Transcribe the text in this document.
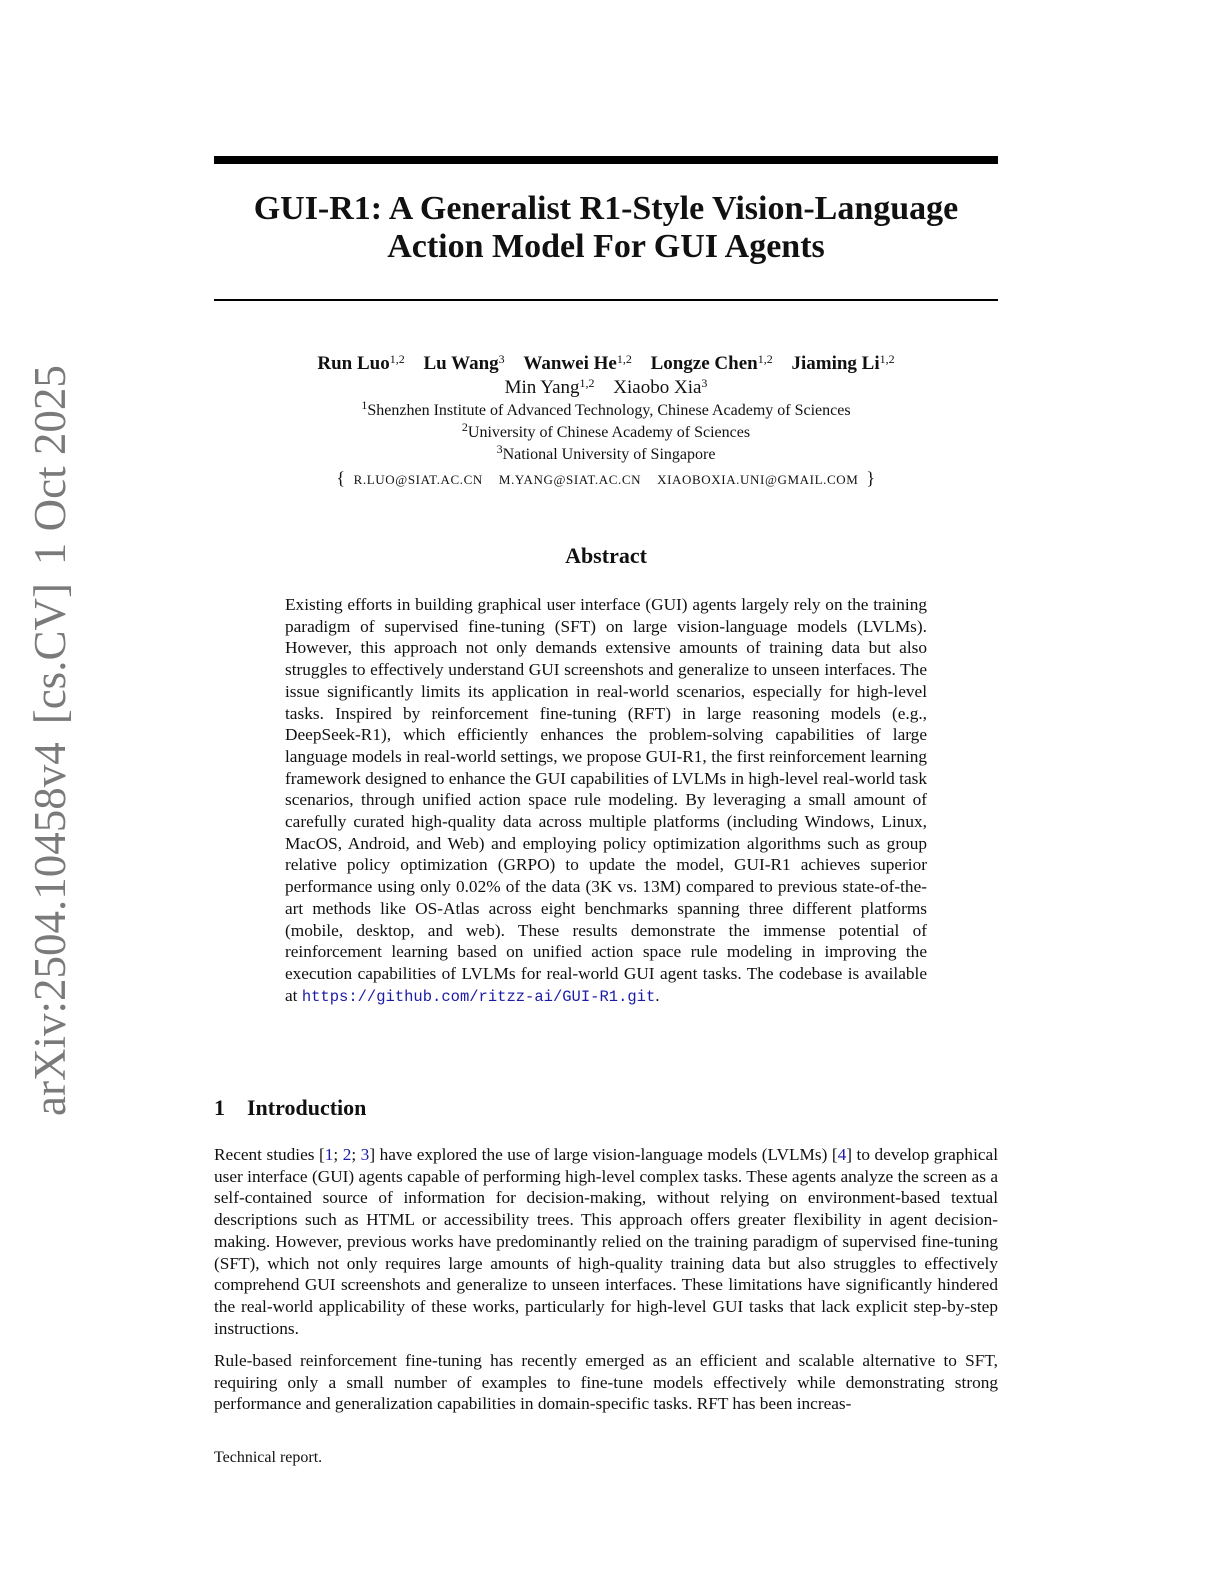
arXiv:2504.10458v4[cs.CV]1 Oct 2025
GUI-R1: A Generalist R1-Style Vision-Language
Action Model For GUI Agents
Run Luo$^{1,2}$ Lu Wang$^3$ Wanwei He$^{1,2}$ Longze Chen$^{1,2}$ Jiaming Li$^{1,2}$
Min Yang$^{1,2}$ Xiaobo Xia$^3$
$^1$Shenzhen Institute of Advanced Technology, Chinese Academy of Sciences
$^2$University of Chinese Academy of Sciences
$^3$National University of Singapore
{ R.LUO@SIAT.AC.CN M.YANG@SIAT.AC.CN XIAOBOXIA.UNI@GMAIL.COM }
Abstract

Existing efforts in building graphical user interface (GUI) agents largely rely on the training paradigm of supervised fine-tuning (SFT) on large vision-language models (LVLMs). However, this approach not only demands extensive amounts of training data but also struggles to effectively understand GUI screenshots and generalize to unseen interfaces. The issue significantly limits its application in real-world scenarios, especially for high-level tasks. Inspired by reinforcement fine-tuning (RFT) in large reasoning models (e.g., DeepSeek-R1), which efficiently enhances the problem-solving capabilities of large language models in real-world settings, we propose GUI-R1, the first reinforcement learning framework designed to enhance the GUI capabilities of LVLMs in high-level real-world task scenarios, through unified action space rule modeling. By leveraging a small amount of carefully curated high-quality data across multiple platforms (including Windows, Linux, MacOS, Android, and Web) and employing policy optimization algorithms such as group relative policy optimization (GRPO) to update the model, GUI-R1 achieves superior performance using only 0.02% of the data (3K vs. 13M) compared to previous state-of-the-art methods like OS-Atlas across eight benchmarks spanning three different platforms (mobile, desktop, and web). These results demonstrate the immense potential of reinforcement learning based on unified action space rule modeling in improving the execution capabilities of LVLMs for real-world GUI agent tasks. The codebase is available at https://github.com/ritzz-ai/GUI-R1.git.

1 Introduction

Recent studies [1; 2; 3] have explored the use of large vision-language models (LVLMs) [4] to develop graphical user interface (GUI) agents capable of performing high-level complex tasks. These agents analyze the screen as a self-contained source of information for decision-making, without relying on environment-based textual descriptions such as HTML or accessibility trees. This approach offers greater flexibility in agent decision-making. However, previous works have predominantly relied on the training paradigm of supervised fine-tuning (SFT), which not only requires large amounts of high-quality training data but also struggles to effectively comprehend GUI screenshots and generalize to unseen interfaces. These limitations have significantly hindered the real-world applicability of these works, particularly for high-level GUI tasks that lack explicit step-by-step instructions.

Rule-based reinforcement fine-tuning has recently emerged as an efficient and scalable alternative to SFT, requiring only a small number of examples to fine-tune models effectively while demonstrating strong performance and generalization capabilities in domain-specific tasks. RFT has been increas-

Technical report.
